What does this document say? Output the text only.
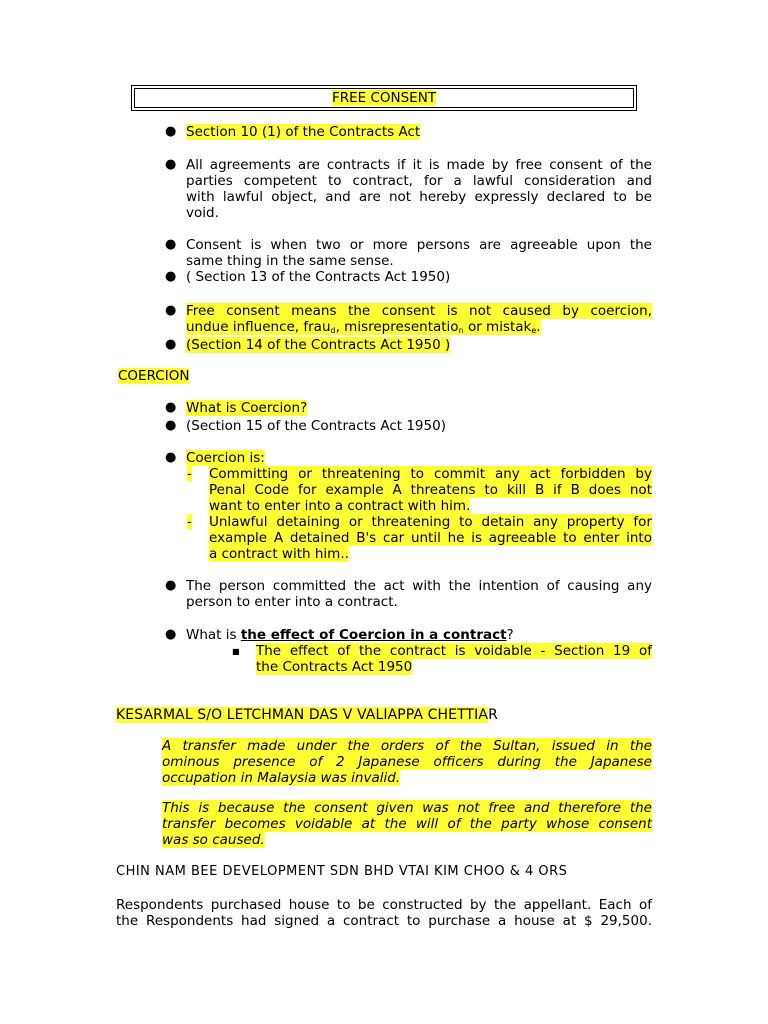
FREE CONSENT
● Section 10 (1) of the Contracts Act
● All agreements are contracts if it is made by free consent of the
parties competent to contract, for a lawful consideration and
with lawful object, and are not hereby expressly declared to be
void.
● Consent is when two or more persons are agreeable upon the
same thing in the same sense.
● ( Section 13 of the Contracts Act 1950)
● Free consent means the consent is not caused by coercion,
undue influence, frau$_d$, misrepresentatio$_n$ or mistak$_e$.
● (Section 14 of the Contracts Act 1950 )
COERCION
● What is Coercion?
● (Section 15 of the Contracts Act 1950)
● Coercion is:
- Committing or threatening to commit any act forbidden by
Penal Code for example A threatens to kill B if B does not
want to enter into a contract with him.
- Unlawful detaining or threatening to detain any property for
example A detained B's car until he is agreeable to enter into
a contract with him..
● The person committed the act with the intention of causing any
person to enter into a contract.
● What is the effect of Coercion in a contract?
■ The effect of the contract is voidable - Section 19 of
the Contracts Act 1950
KESARMAL S/O LETCHMAN DAS V VALIAPPA CHETTIAR
A transfer made under the orders of the Sultan, issued in the
ominous presence of 2 Japanese officers during the Japanese
occupation in Malaysia was invalid.
This is because the consent given was not free and therefore the
transfer becomes voidable at the will of the party whose consent
was so caused.
CHIN NAM BEE DEVELOPMENT SDN BHD VTAI KIM CHOO & 4 ORS
Respondents purchased house to be constructed by the appellant. Each of
the Respondents had signed a contract to purchase a house at $ 29,500.
